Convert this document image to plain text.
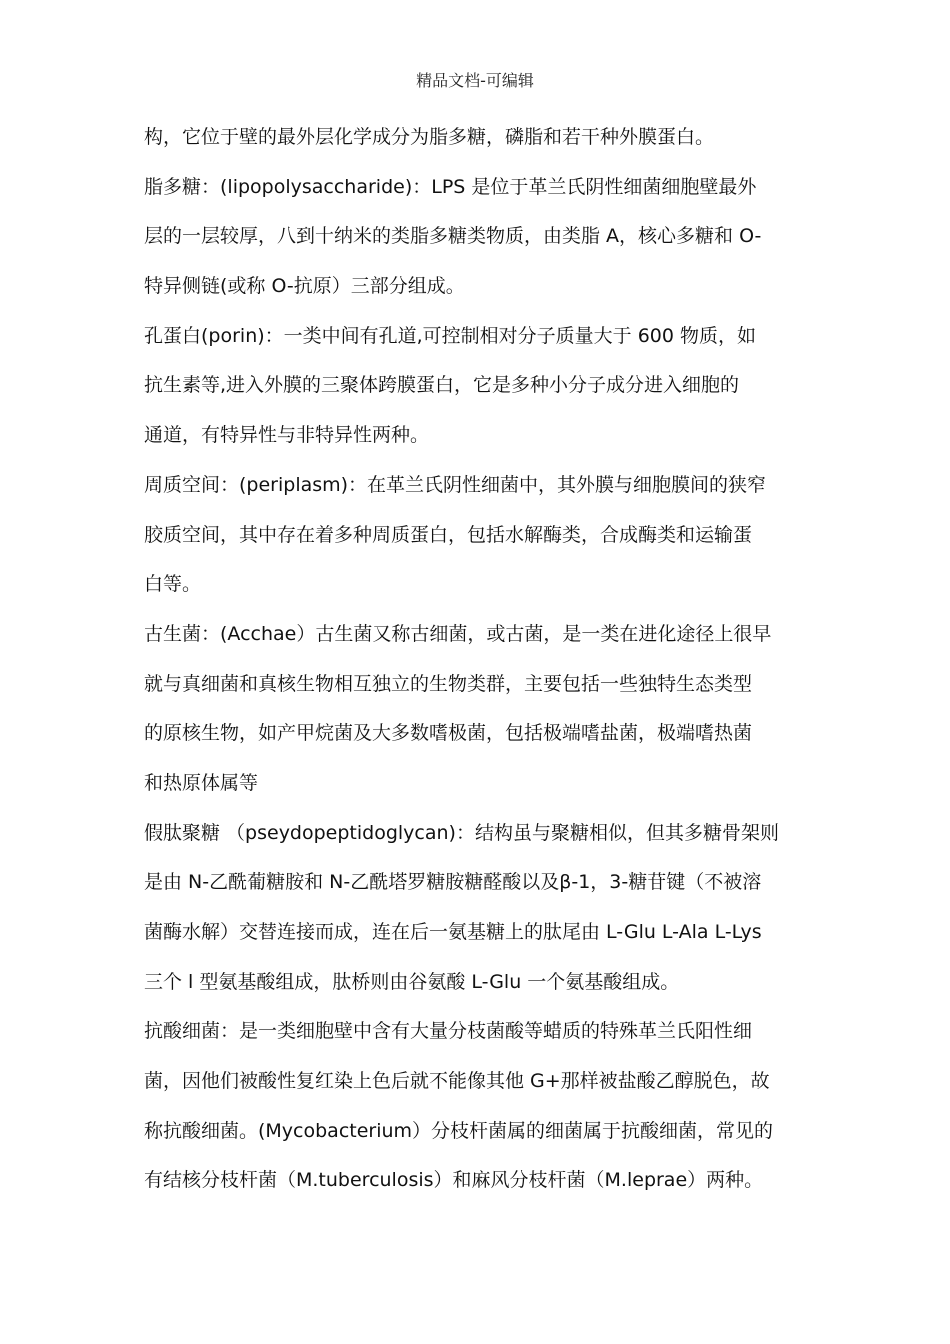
精品文档-可编辑
构，它位于壁的最外层化学成分为脂多糖，磷脂和若干种外膜蛋白。
脂多糖：(lipopolysaccharide)：LPS 是位于革兰氏阴性细菌细胞壁最外
层的一层较厚，八到十纳米的类脂多糖类物质，由类脂 A，核心多糖和 O-
特异侧链(或称 O-抗原）三部分组成。
孔蛋白(porin)：一类中间有孔道,可控制相对分子质量大于 600 物质，如
抗生素等,进入外膜的三聚体跨膜蛋白，它是多种小分子成分进入细胞的
通道，有特异性与非特异性两种。
周质空间：(periplasm)：在革兰氏阴性细菌中，其外膜与细胞膜间的狭窄
胶质空间，其中存在着多种周质蛋白，包括水解酶类，合成酶类和运输蛋
白等。
古生菌：(Acchae）古生菌又称古细菌，或古菌，是一类在进化途径上很早
就与真细菌和真核生物相互独立的生物类群，主要包括一些独特生态类型
的原核生物，如产甲烷菌及大多数嗜极菌，包括极端嗜盐菌，极端嗜热菌
和热原体属等
假肽聚糖 （pseydopeptidoglycan)：结构虽与聚糖相似，但其多糖骨架则
是由 N-乙酰葡糖胺和 N-乙酰塔罗糖胺糖醛酸以及β-1，3-糖苷键（不被溶
菌酶水解）交替连接而成，连在后一氨基糖上的肽尾由 L-Glu L-Ala L-Lys
三个 l 型氨基酸组成，肽桥则由谷氨酸 L-Glu 一个氨基酸组成。
抗酸细菌：是一类细胞壁中含有大量分枝菌酸等蜡质的特殊革兰氏阳性细
菌，因他们被酸性复红染上色后就不能像其他 G+那样被盐酸乙醇脱色，故
称抗酸细菌。(Mycobacterium）分枝杆菌属的细菌属于抗酸细菌，常见的
有结核分枝杆菌（M.tuberculosis）和麻风分枝杆菌（M.leprae）两种。
